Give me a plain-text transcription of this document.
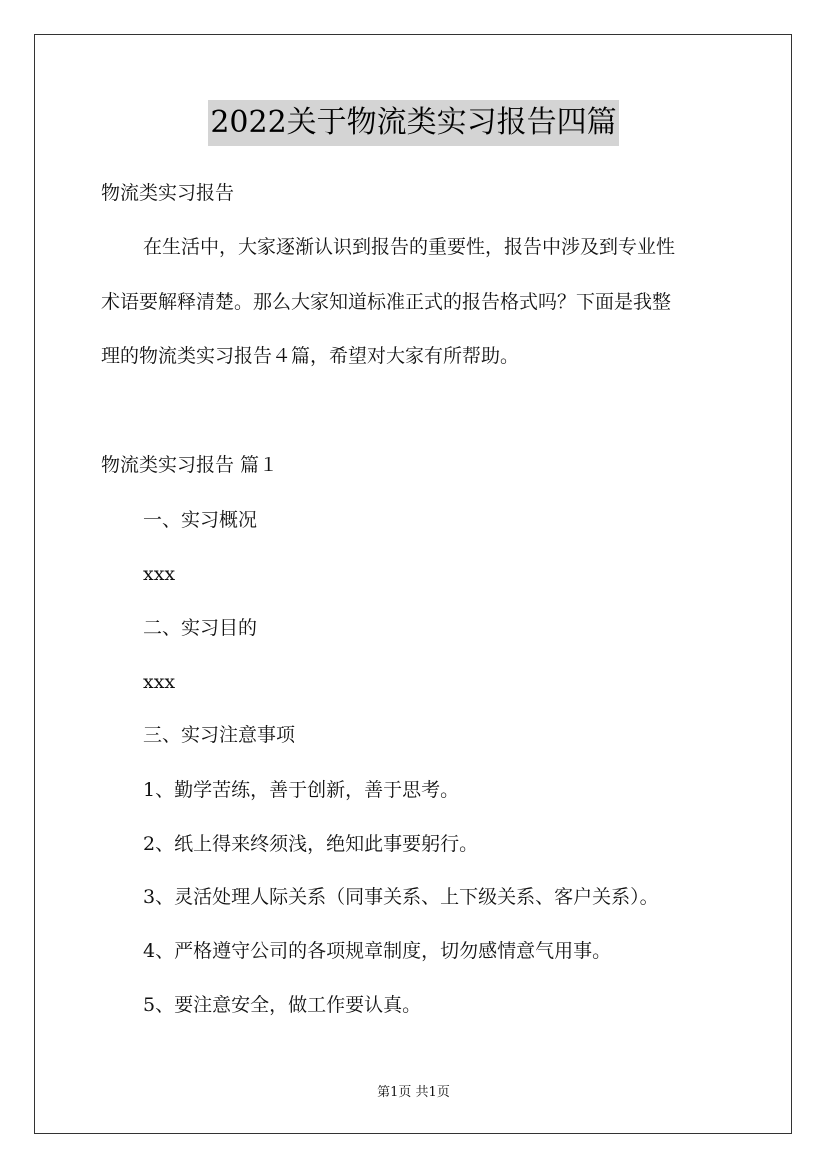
2022关于物流类实习报告四篇
物流类实习报告
在生活中，大家逐渐认识到报告的重要性，报告中涉及到专业性
术语要解释清楚。那么大家知道标准正式的报告格式吗？下面是我整
理的物流类实习报告４篇，希望对大家有所帮助。
物流类实习报告 篇１
一、实习概况
xxx
二、实习目的
xxx
三、实习注意事项
1、勤学苦练，善于创新，善于思考。
2、纸上得来终须浅，绝知此事要躬行。
3、灵活处理人际关系（同事关系、上下级关系、客户关系）。
4、严格遵守公司的各项规章制度，切勿感情意气用事。
5、要注意安全，做工作要认真。
第1页 共1页
